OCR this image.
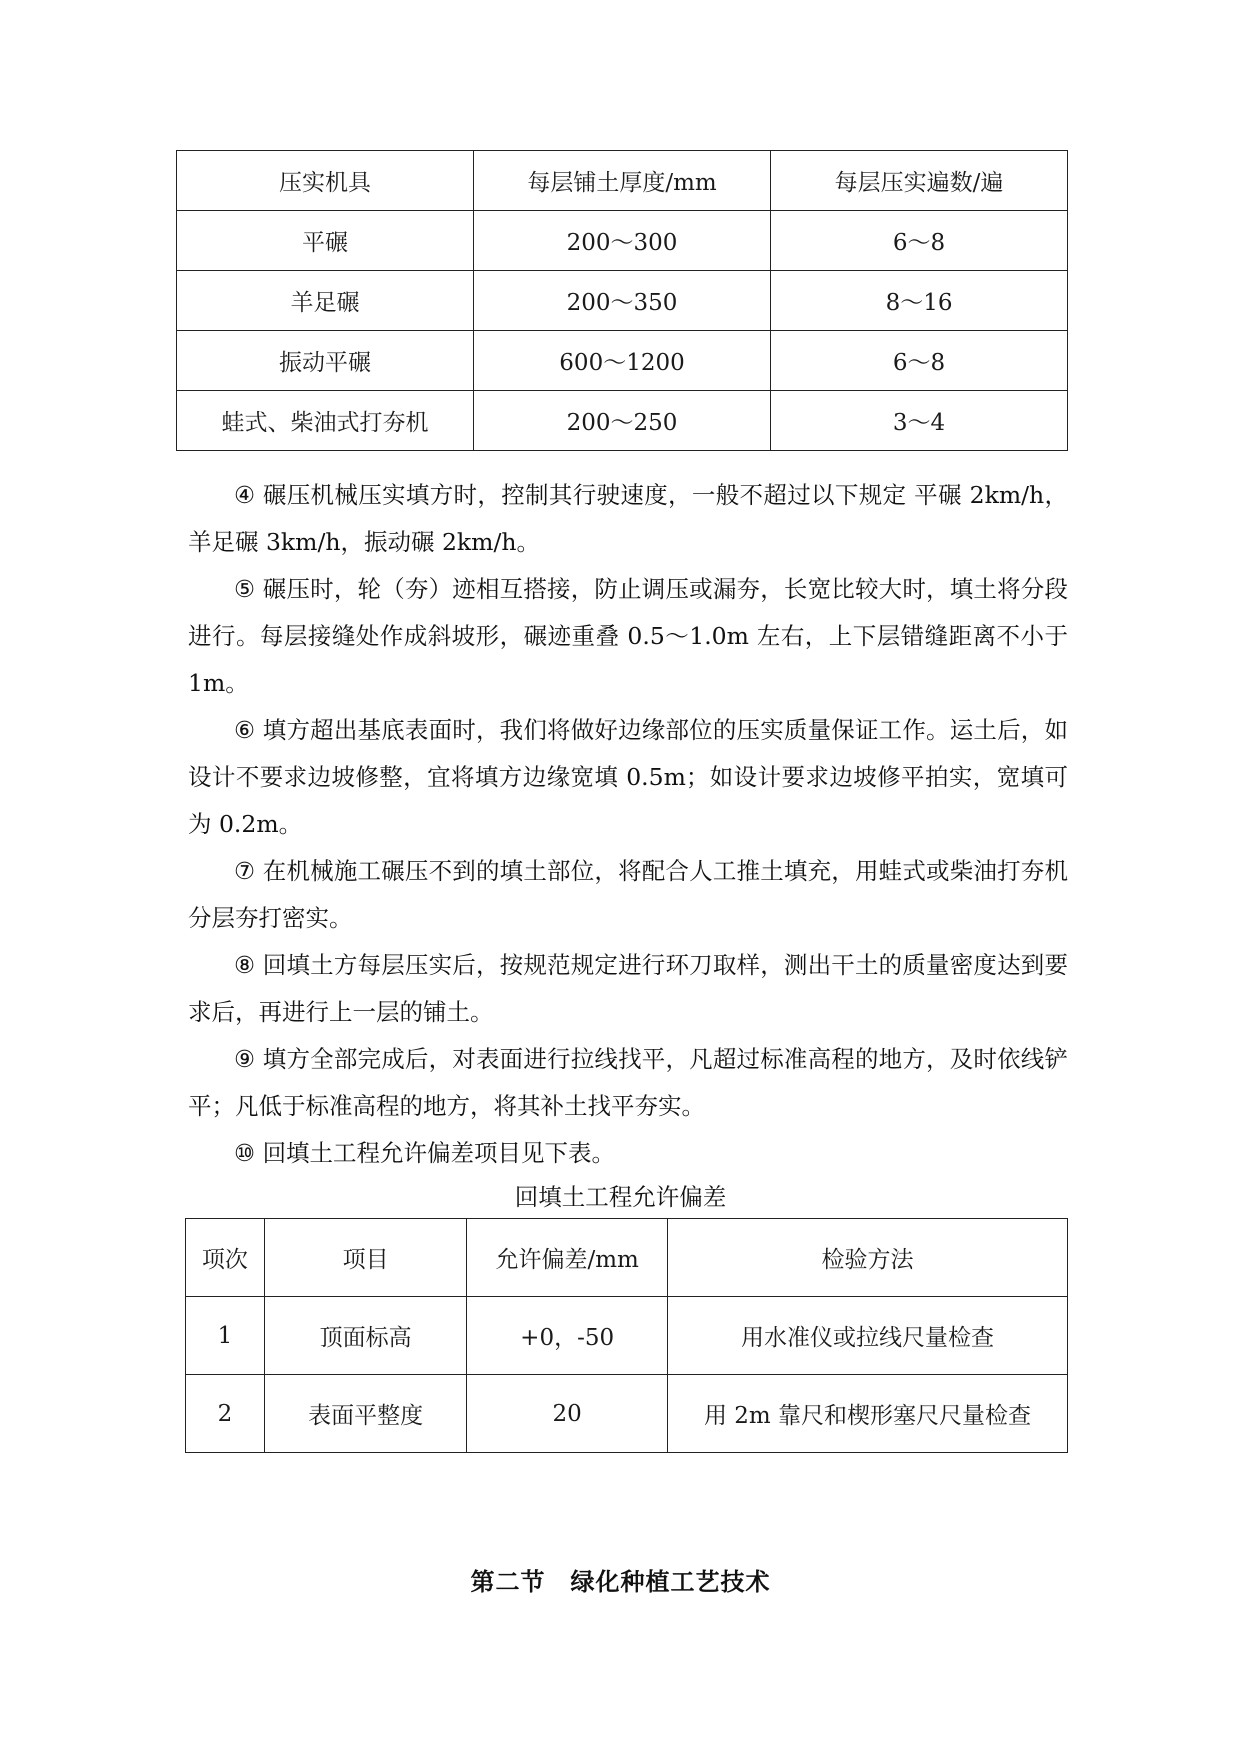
压实机具	每层铺土厚度/mm	每层压实遍数/遍
平碾	200～300	6～8
羊足碾	200～350	8～16
振动平碾	600～1200	6～8
蛙式、柴油式打夯机	200～250	3～4

④ 碾压机械压实填方时，控制其行驶速度，一般不超过以下规定 平碾 2km/h，羊足碾 3km/h，振动碾 2km/h。

⑤ 碾压时，轮（夯）迹相互搭接，防止调压或漏夯，长宽比较大时，填土将分段进行。每层接缝处作成斜坡形，碾迹重叠 0.5～1.0m 左右，上下层错缝距离不小于 1m。

⑥ 填方超出基底表面时，我们将做好边缘部位的压实质量保证工作。运土后，如设计不要求边坡修整，宜将填方边缘宽填 0.5m；如设计要求边坡修平拍实，宽填可为 0.2m。

⑦ 在机械施工碾压不到的填土部位，将配合人工推土填充，用蛙式或柴油打夯机分层夯打密实。

⑧ 回填土方每层压实后，按规范规定进行环刀取样，测出干土的质量密度达到要求后，再进行上一层的铺土。

⑨ 填方全部完成后，对表面进行拉线找平，凡超过标准高程的地方，及时依线铲平；凡低于标准高程的地方，将其补土找平夯实。

⑩ 回填土工程允许偏差项目见下表。

回填土工程允许偏差

项次	项目	允许偏差/mm	检验方法
1	顶面标高	+0，-50	用水准仪或拉线尺量检查
2	表面平整度	20	用 2m 靠尺和楔形塞尺尺量检查
第二节　绿化种植工艺技术
